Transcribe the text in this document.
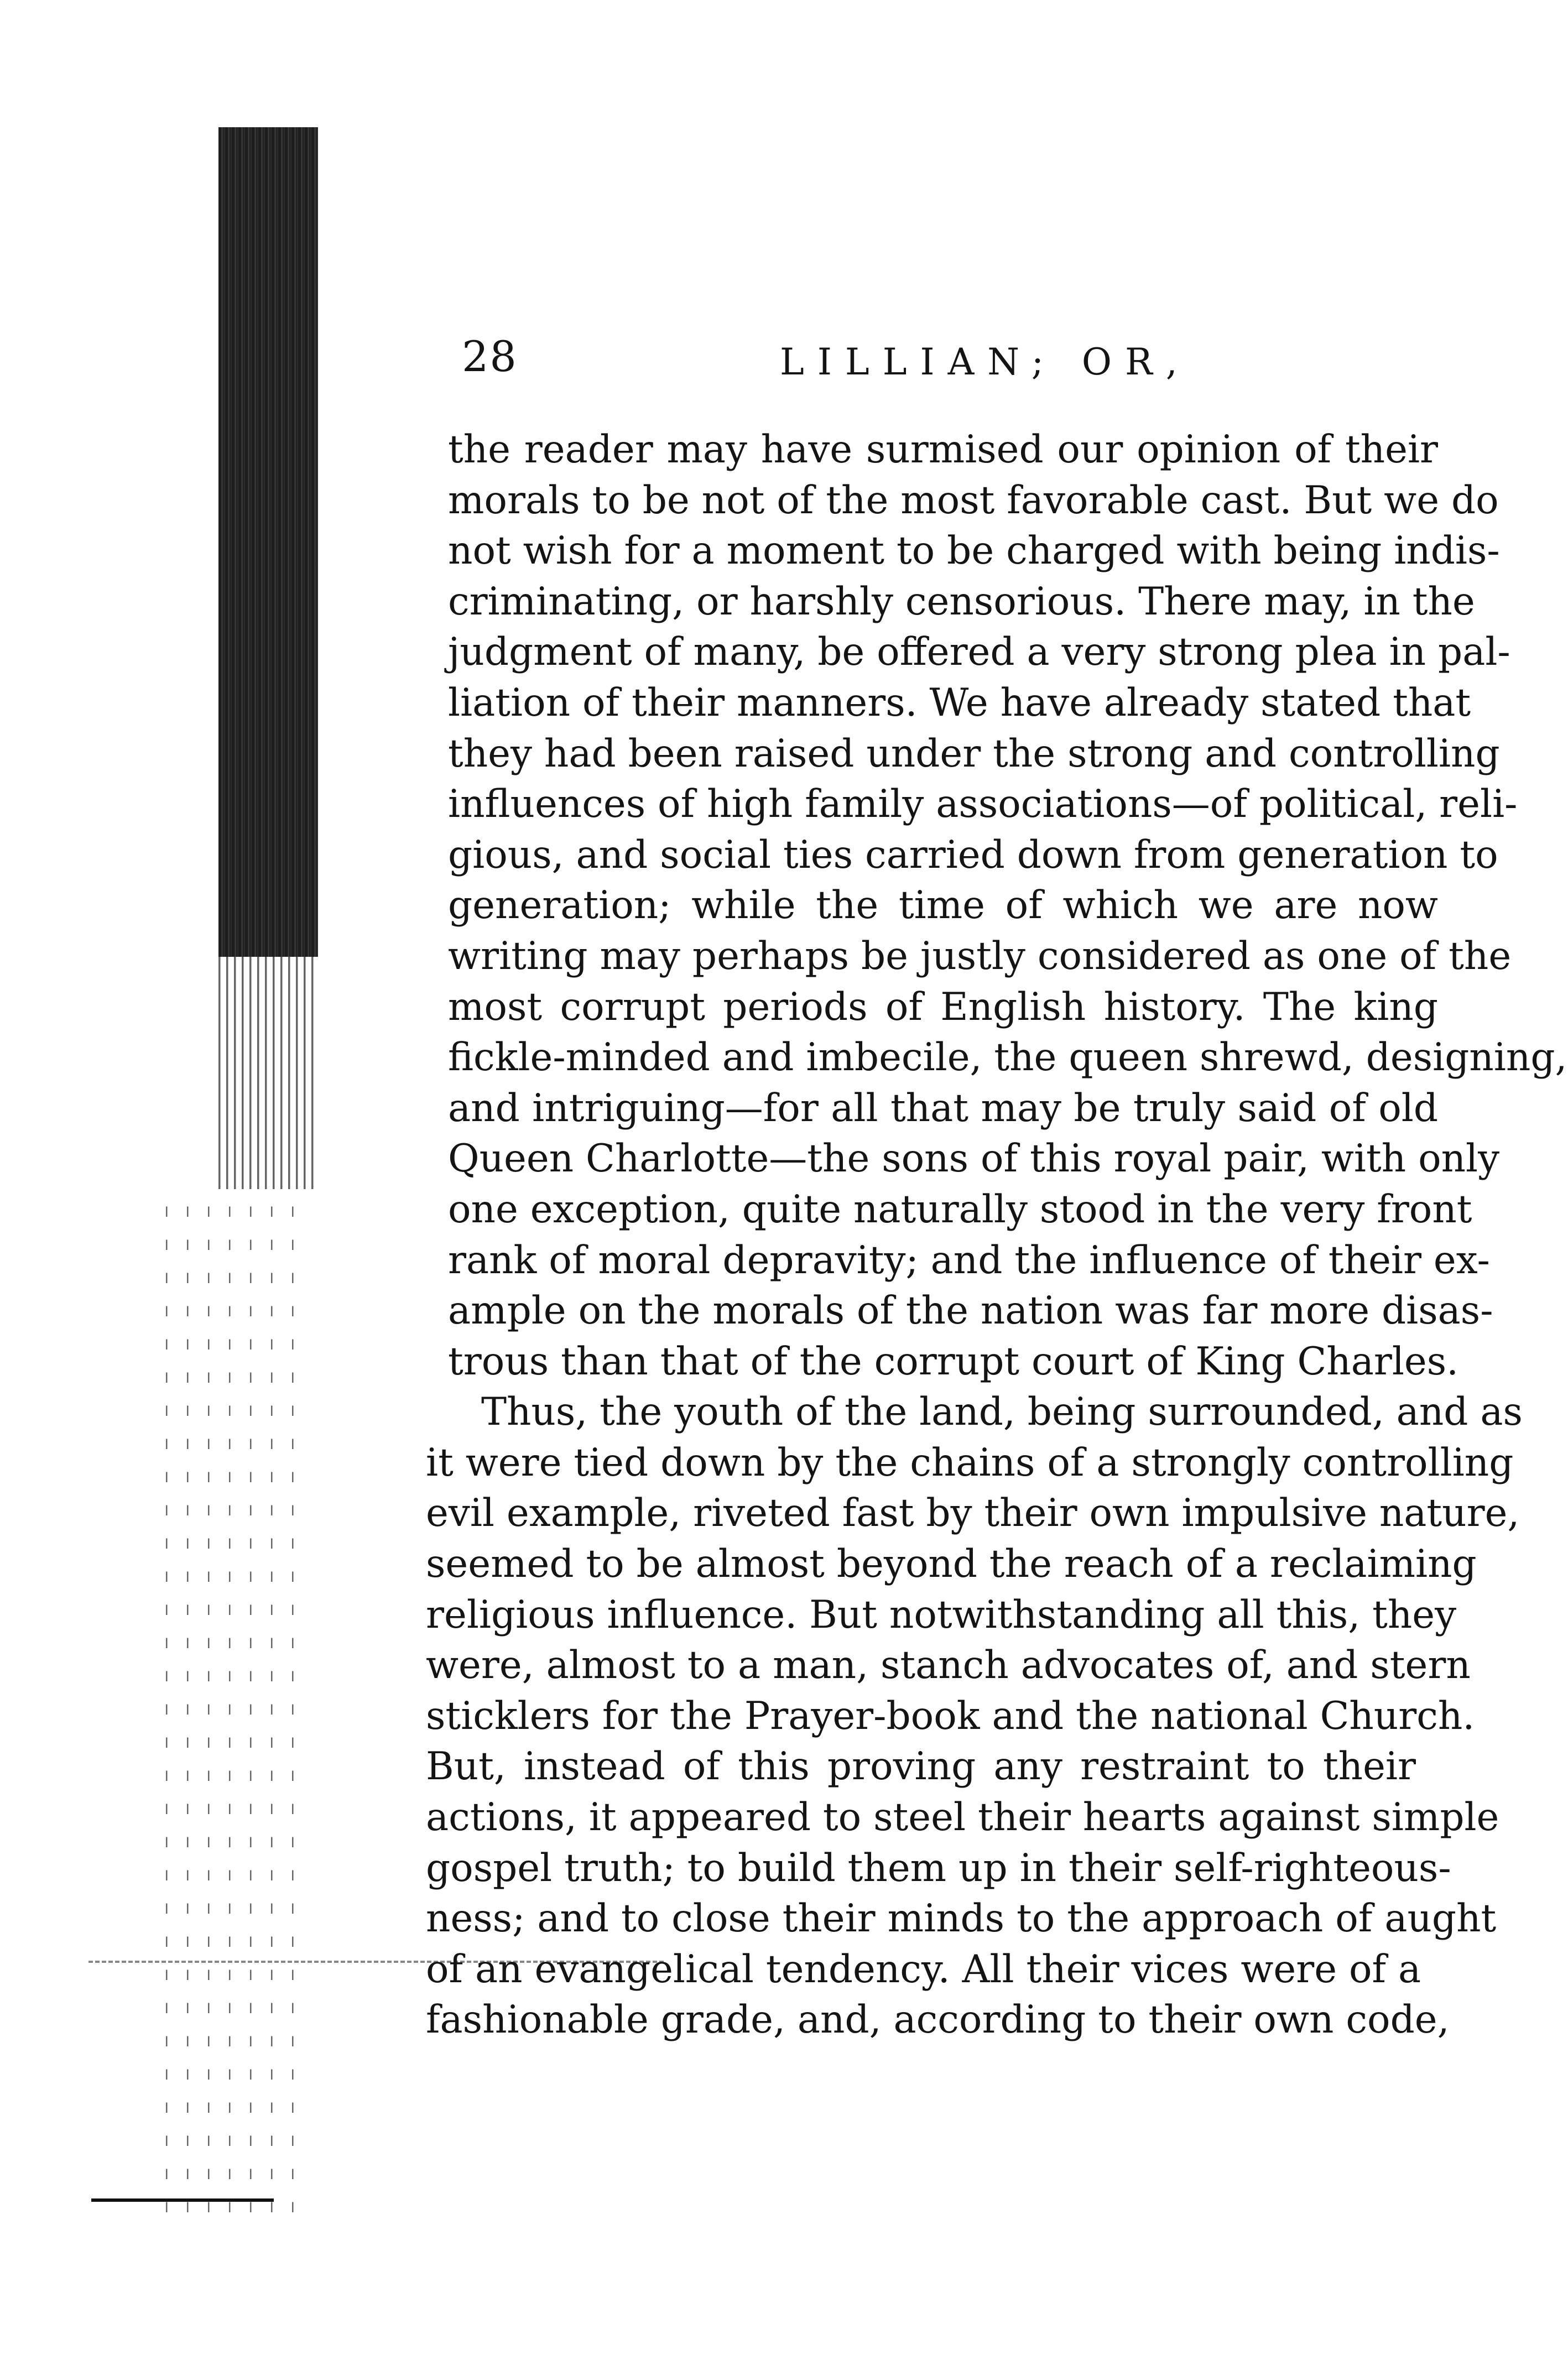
28	LILLIAN; OR,
the reader may have surmised our opinion of their
morals to be not of the most favorable cast. But we do
not wish for a moment to be charged with being indis-
criminating, or harshly censorious. There may, in the
judgment of many, be offered a very strong plea in pal-
liation of their manners. We have already stated that
they had been raised under the strong and controlling
influences of high family associations—of political, reli-
gious, and social ties carried down from generation to
generation; while the time of which we are now
writing may perhaps be justly considered as one of the
most corrupt periods of English history. The king
fickle-minded and imbecile, the queen shrewd, designing,
and intriguing—for all that may be truly said of old
Queen Charlotte—the sons of this royal pair, with only
one exception, quite naturally stood in the very front
rank of moral depravity; and the influence of their ex-
ample on the morals of the nation was far more disas-
trous than that of the corrupt court of King Charles.
Thus, the youth of the land, being surrounded, and as
it were tied down by the chains of a strongly controlling
evil example, riveted fast by their own impulsive nature,
seemed to be almost beyond the reach of a reclaiming
religious influence. But notwithstanding all this, they
were, almost to a man, stanch advocates of, and stern
sticklers for the Prayer-book and the national Church.
But, instead of this proving any restraint to their
actions, it appeared to steel their hearts against simple
gospel truth; to build them up in their self-righteous-
ness; and to close their minds to the approach of aught
of an evangelical tendency. All their vices were of a
fashionable grade, and, according to their own code,
